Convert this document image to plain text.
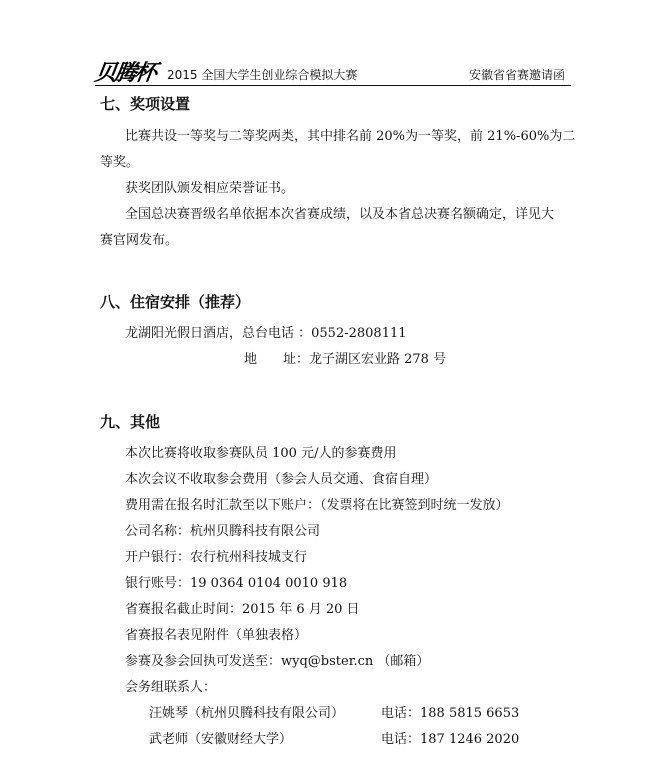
贝腾杯 2015 全国大学生创业综合模拟大赛	安徽省省赛邀请函
七、奖项设置
比赛共设一等奖与二等奖两类，其中排名前 20%为一等奖，前 21%-60%为二
等奖。
获奖团队颁发相应荣誉证书。
全国总决赛晋级名单依据本次省赛成绩，以及本省总决赛名额确定，详见大
赛官网发布。
八、住宿安排（推荐）
龙湖阳光假日酒店，总台电话 ：0552-2808111
地　　址：龙子湖区宏业路 278 号
九、其他
本次比赛将收取参赛队员 100 元/人的参赛费用
本次会议不收取参会费用（参会人员交通、食宿自理）
费用需在报名时汇款至以下账户：（发票将在比赛签到时统一发放）
公司名称：杭州贝腾科技有限公司
开户银行：农行杭州科技城支行
银行账号：19 0364 0104 0010 918
省赛报名截止时间：2015 年 6 月 20 日
省赛报名表见附件（单独表格）
参赛及参会回执可发送至：wyq@bster.cn （邮箱）
会务组联系人：
汪姚琴（杭州贝腾科技有限公司）	电话：188 5815 6653
武老师（安徽财经大学）	电话：187 1246 2020
